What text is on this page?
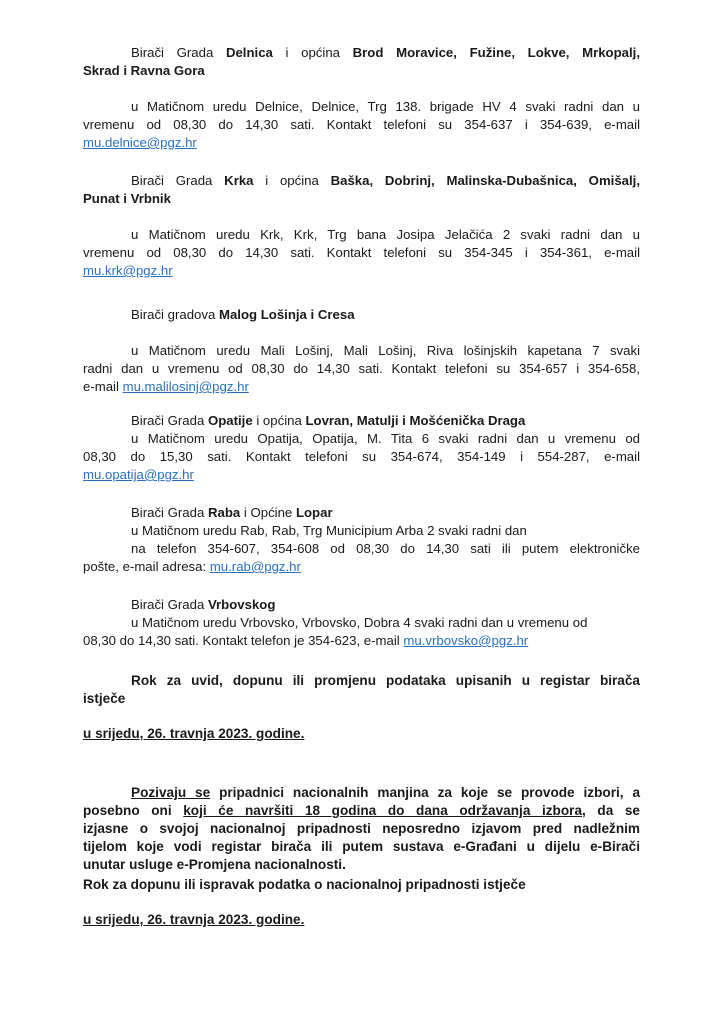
Birači Grada Delnica i općina Brod Moravice, Fužine, Lokve, Mrkopalj,
Skrad i Ravna Gora
u Matičnom uredu Delnice, Delnice, Trg 138. brigade HV 4 svaki radni dan u
vremenu od 08,30 do 14,30 sati. Kontakt telefoni su 354-637 i 354-639, e-mail
mu.delnice@pgz.hr
Birači Grada Krka i općina Baška, Dobrinj, Malinska-Dubašnica, Omišalj,
Punat i Vrbnik
u Matičnom uredu Krk, Krk, Trg bana Josipa Jelačića 2 svaki radni dan u
vremenu od 08,30 do 14,30 sati. Kontakt telefoni su 354-345 i 354-361, e-mail
mu.krk@pgz.hr
Birači gradova Malog Lošinja i Cresa
u Matičnom uredu Mali Lošinj, Mali Lošinj, Riva lošinjskih kapetana 7 svaki
radni dan u vremenu od 08,30 do 14,30 sati. Kontakt telefoni su 354-657 i 354-658,
e-mail mu.malilosinj@pgz.hr
Birači Grada Opatije i općina Lovran, Matulji i Mošćenička Draga
u Matičnom uredu Opatija, Opatija, M. Tita 6 svaki radni dan u vremenu od
08,30 do 15,30 sati. Kontakt telefoni su 354-674, 354-149 i 554-287, e-mail
mu.opatija@pgz.hr
Birači Grada Raba i Općine Lopar
u Matičnom uredu Rab, Rab, Trg Municipium Arba 2 svaki radni dan
na telefon 354-607, 354-608 od 08,30 do 14,30 sati ili putem elektroničke
pošte, e-mail adresa: mu.rab@pgz.hr
Birači Grada Vrbovskog
u Matičnom uredu Vrbovsko, Vrbovsko, Dobra 4 svaki radni dan u vremenu od
08,30 do 14,30 sati. Kontakt telefon je 354-623, e-mail mu.vrbovsko@pgz.hr
Rok za uvid, dopunu ili promjenu podataka upisanih u registar birača
istječe
u srijedu, 26. travnja 2023. godine.
Pozivaju se pripadnici nacionalnih manjina za koje se provode izbori, a
posebno oni koji će navršiti 18 godina do dana održavanja izbora, da se
izjasne o svojoj nacionalnoj pripadnosti neposredno izjavom pred nadležnim
tijelom koje vodi registar birača ili putem sustava e-Građani u dijelu e-Birači
unutar usluge e-Promjena nacionalnosti.
Rok za dopunu ili ispravak podatka o nacionalnoj pripadnosti istječe
u srijedu, 26. travnja 2023. godine.
